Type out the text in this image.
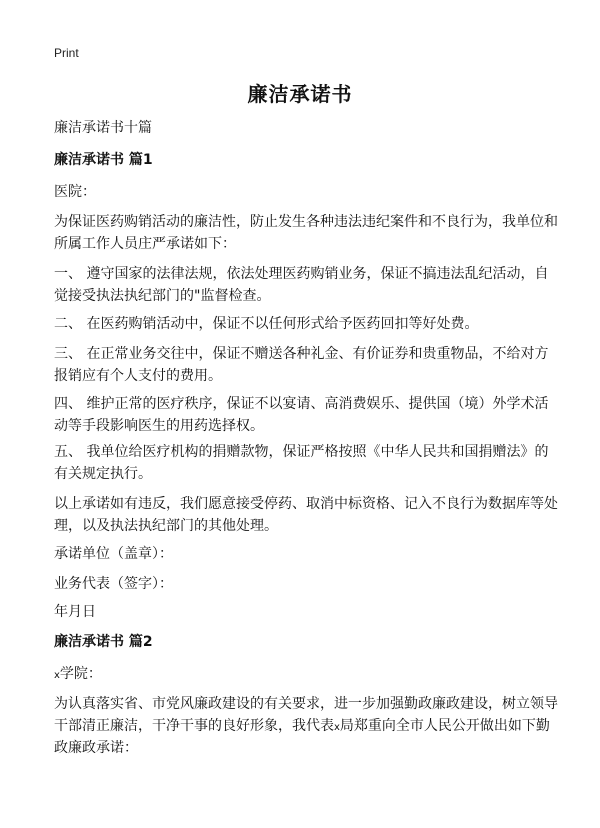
Print
廉洁承诺书
廉洁承诺书十篇
廉洁承诺书 篇1
医院：
为保证医药购销活动的廉洁性，防止发生各种违法违纪案件和不良行为，我单位和
所属工作人员庄严承诺如下：
一、 遵守国家的法律法规，依法处理医药购销业务，保证不搞违法乱纪活动，自
觉接受执法执纪部门的"监督检查。
二、 在医药购销活动中，保证不以任何形式给予医药回扣等好处费。
三、 在正常业务交往中，保证不赠送各种礼金、有价证券和贵重物品，不给对方
报销应有个人支付的费用。
四、 维护正常的医疗秩序，保证不以宴请、高消费娱乐、提供国（境）外学术活
动等手段影响医生的用药选择权。
五、 我单位给医疗机构的捐赠款物，保证严格按照《中华人民共和国捐赠法》的
有关规定执行。
以上承诺如有违反，我们愿意接受停药、取消中标资格、记入不良行为数据库等处
理，以及执法执纪部门的其他处理。
承诺单位（盖章）：
业务代表（签字）：
年月日
廉洁承诺书 篇2
x学院：
为认真落实省、市党风廉政建设的有关要求，进一步加强勤政廉政建设，树立领导
干部清正廉洁，干净干事的良好形象，我代表x局郑重向全市人民公开做出如下勤
政廉政承诺：
